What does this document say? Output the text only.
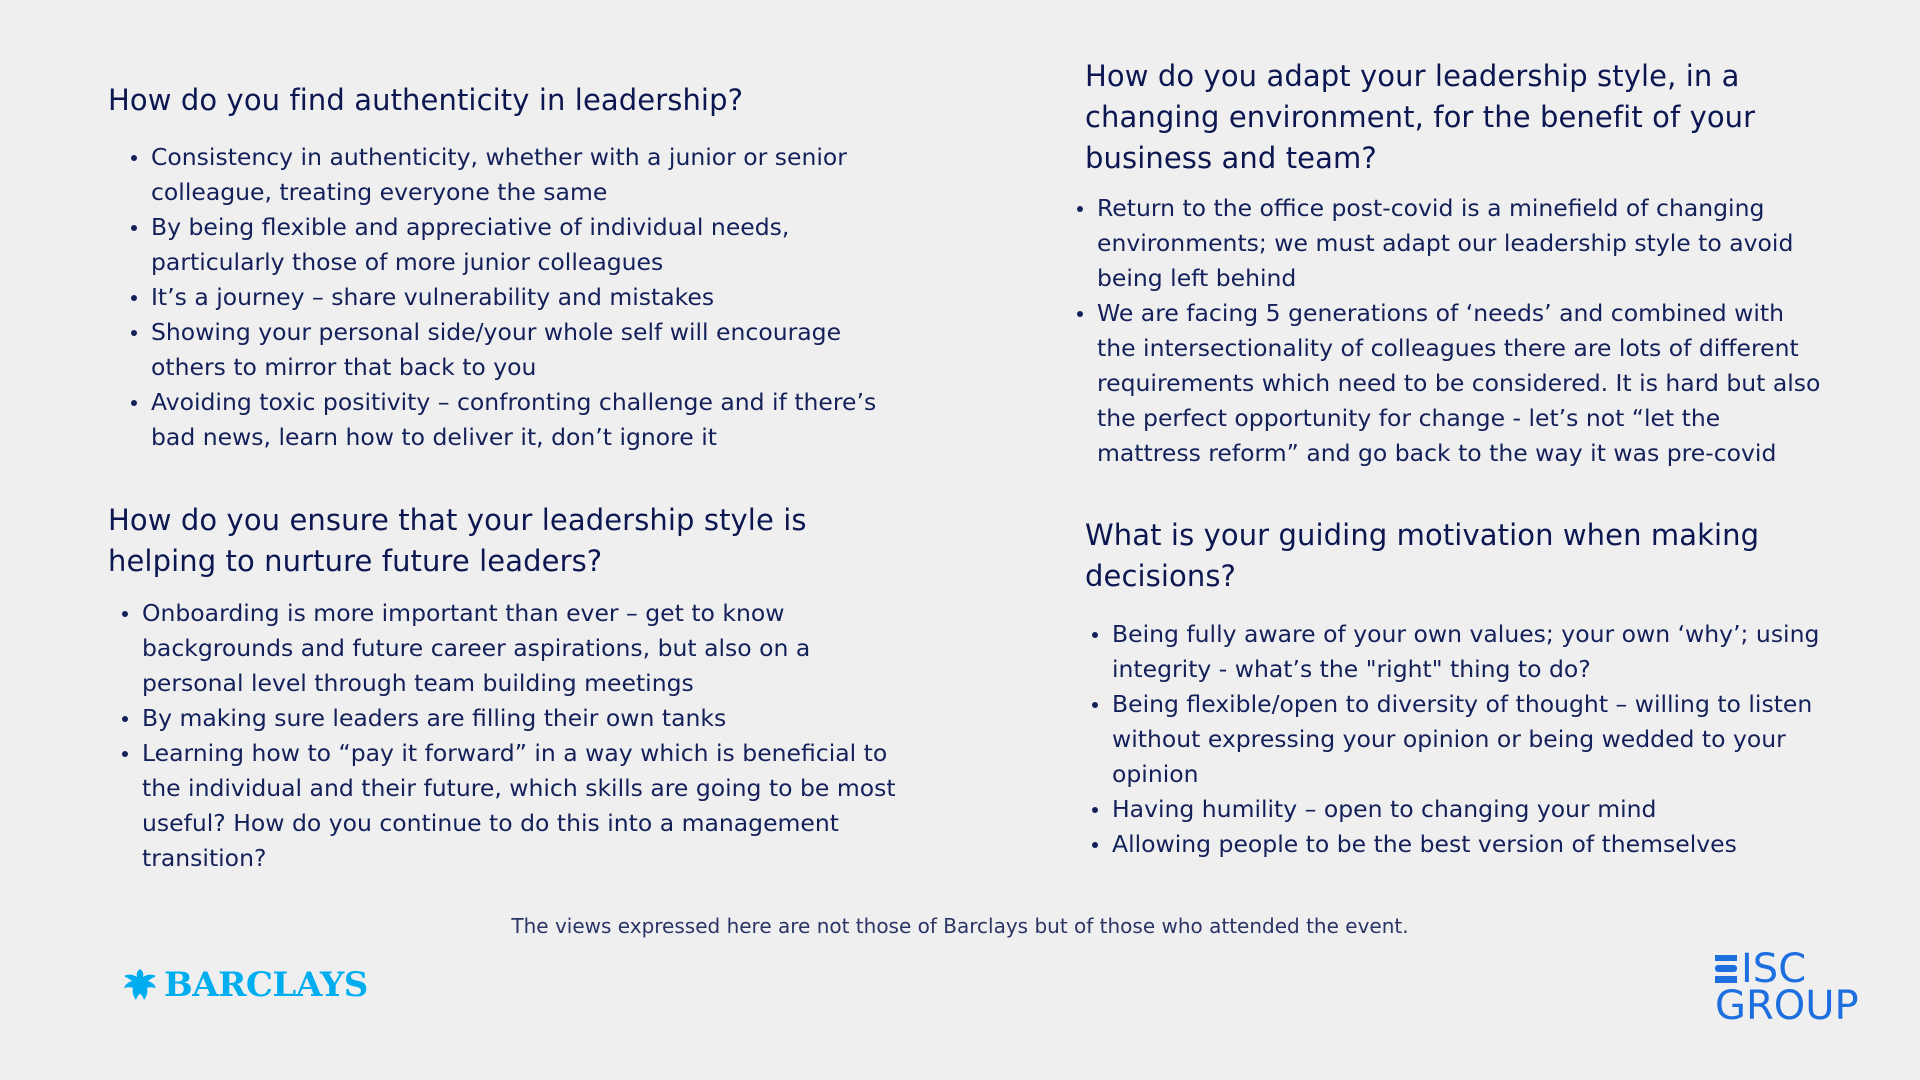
How do you find authenticity in leadership?
Consistency in authenticity, whether with a junior or senior colleague, treating everyone the same
By being flexible and appreciative of individual needs, particularly those of more junior colleagues
It’s a journey – share vulnerability and mistakes
Showing your personal side/your whole self will encourage others to mirror that back to you
Avoiding toxic positivity – confronting challenge and if there’s bad news, learn how to deliver it, don’t ignore it
How do you ensure that your leadership style is helping to nurture future leaders?
Onboarding is more important than ever – get to know backgrounds and future career aspirations, but also on a personal level through team building meetings
By making sure leaders are filling their own tanks
Learning how to “pay it forward” in a way which is beneficial to the individual and their future, which skills are going to be most useful? How do you continue to do this into a management transition?
How do you adapt your leadership style, in a changing environment, for the benefit of your business and team?
Return to the office post-covid is a minefield of changing environments; we must adapt our leadership style to avoid being left behind
We are facing 5 generations of ‘needs’ and combined with the intersectionality of colleagues there are lots of different requirements which need to be considered. It is hard but also the perfect opportunity for change - let’s not “let the mattress reform” and go back to the way it was pre-covid
What is your guiding motivation when making decisions?
Being fully aware of your own values; your own ‘why’; using integrity - what’s the "right" thing to do?
Being flexible/open to diversity of thought – willing to listen without expressing your opinion or being wedded to your opinion
Having humility – open to changing your mind
Allowing people to be the best version of themselves
The views expressed here are not those of Barclays but of those who attended the event.
BARCLAYS	ISC
GROUP
